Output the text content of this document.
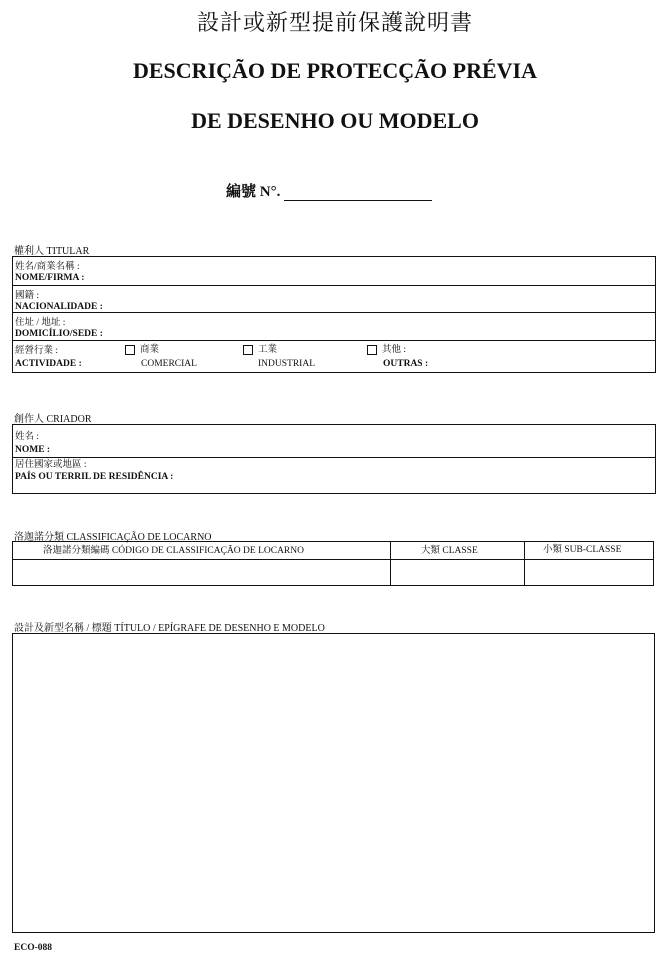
設計或新型提前保護說明書
DESCRIÇÃO DE PROTECÇÃO PRÉVIA
DE DESENHO OU MODELO
編號 N°.
權利人 TITULAR
姓名/商業名稱 :
NOME/FIRMA :
國籍 :
NACIONALIDADE :
住址 / 地址 :
DOMICÍLIO/SEDE :
經營行業 :
ACTIVIDADE :
商業
COMERCIAL
工業
INDUSTRIAL
其他 :
OUTRAS :
創作人 CRIADOR
姓名 :
NOME :
居住國家或地區 :
PAÍS OU TERRIL DE RESIDÊNCIA :
洛迦諾分類 CLASSIFICAÇÃO DE LOCARNO
洛迦諾分類編碼 CÓDIGO DE CLASSIFICAÇÃO DE LOCARNO	大類 CLASSE	小類 SUB-CLASSE
設計及新型名稱 / 標題 TÍTULO / EPÍGRAFE DE DESENHO E MODELO
ECO-088
